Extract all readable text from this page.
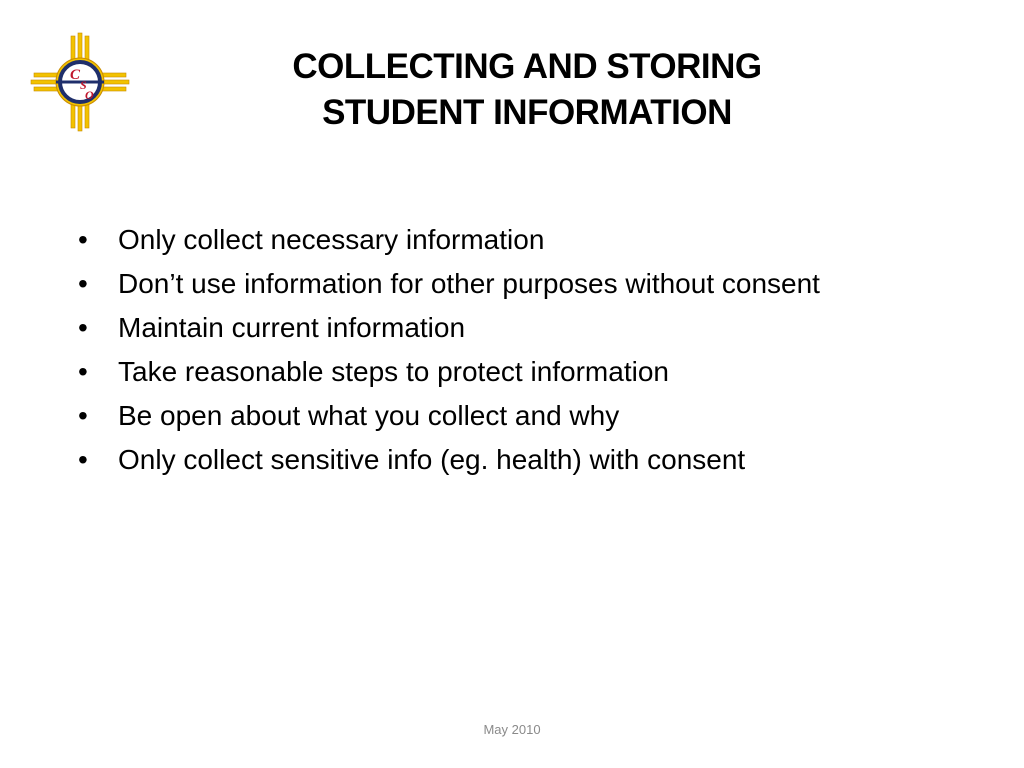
C
S
O
COLLECTING AND STORING
STUDENT INFORMATION
• Only collect necessary information
• Don’t use information for other purposes without consent
• Maintain current information
• Take reasonable steps to protect information
• Be open about what you collect and why
• Only collect sensitive info (eg. health) with consent
May 2010
